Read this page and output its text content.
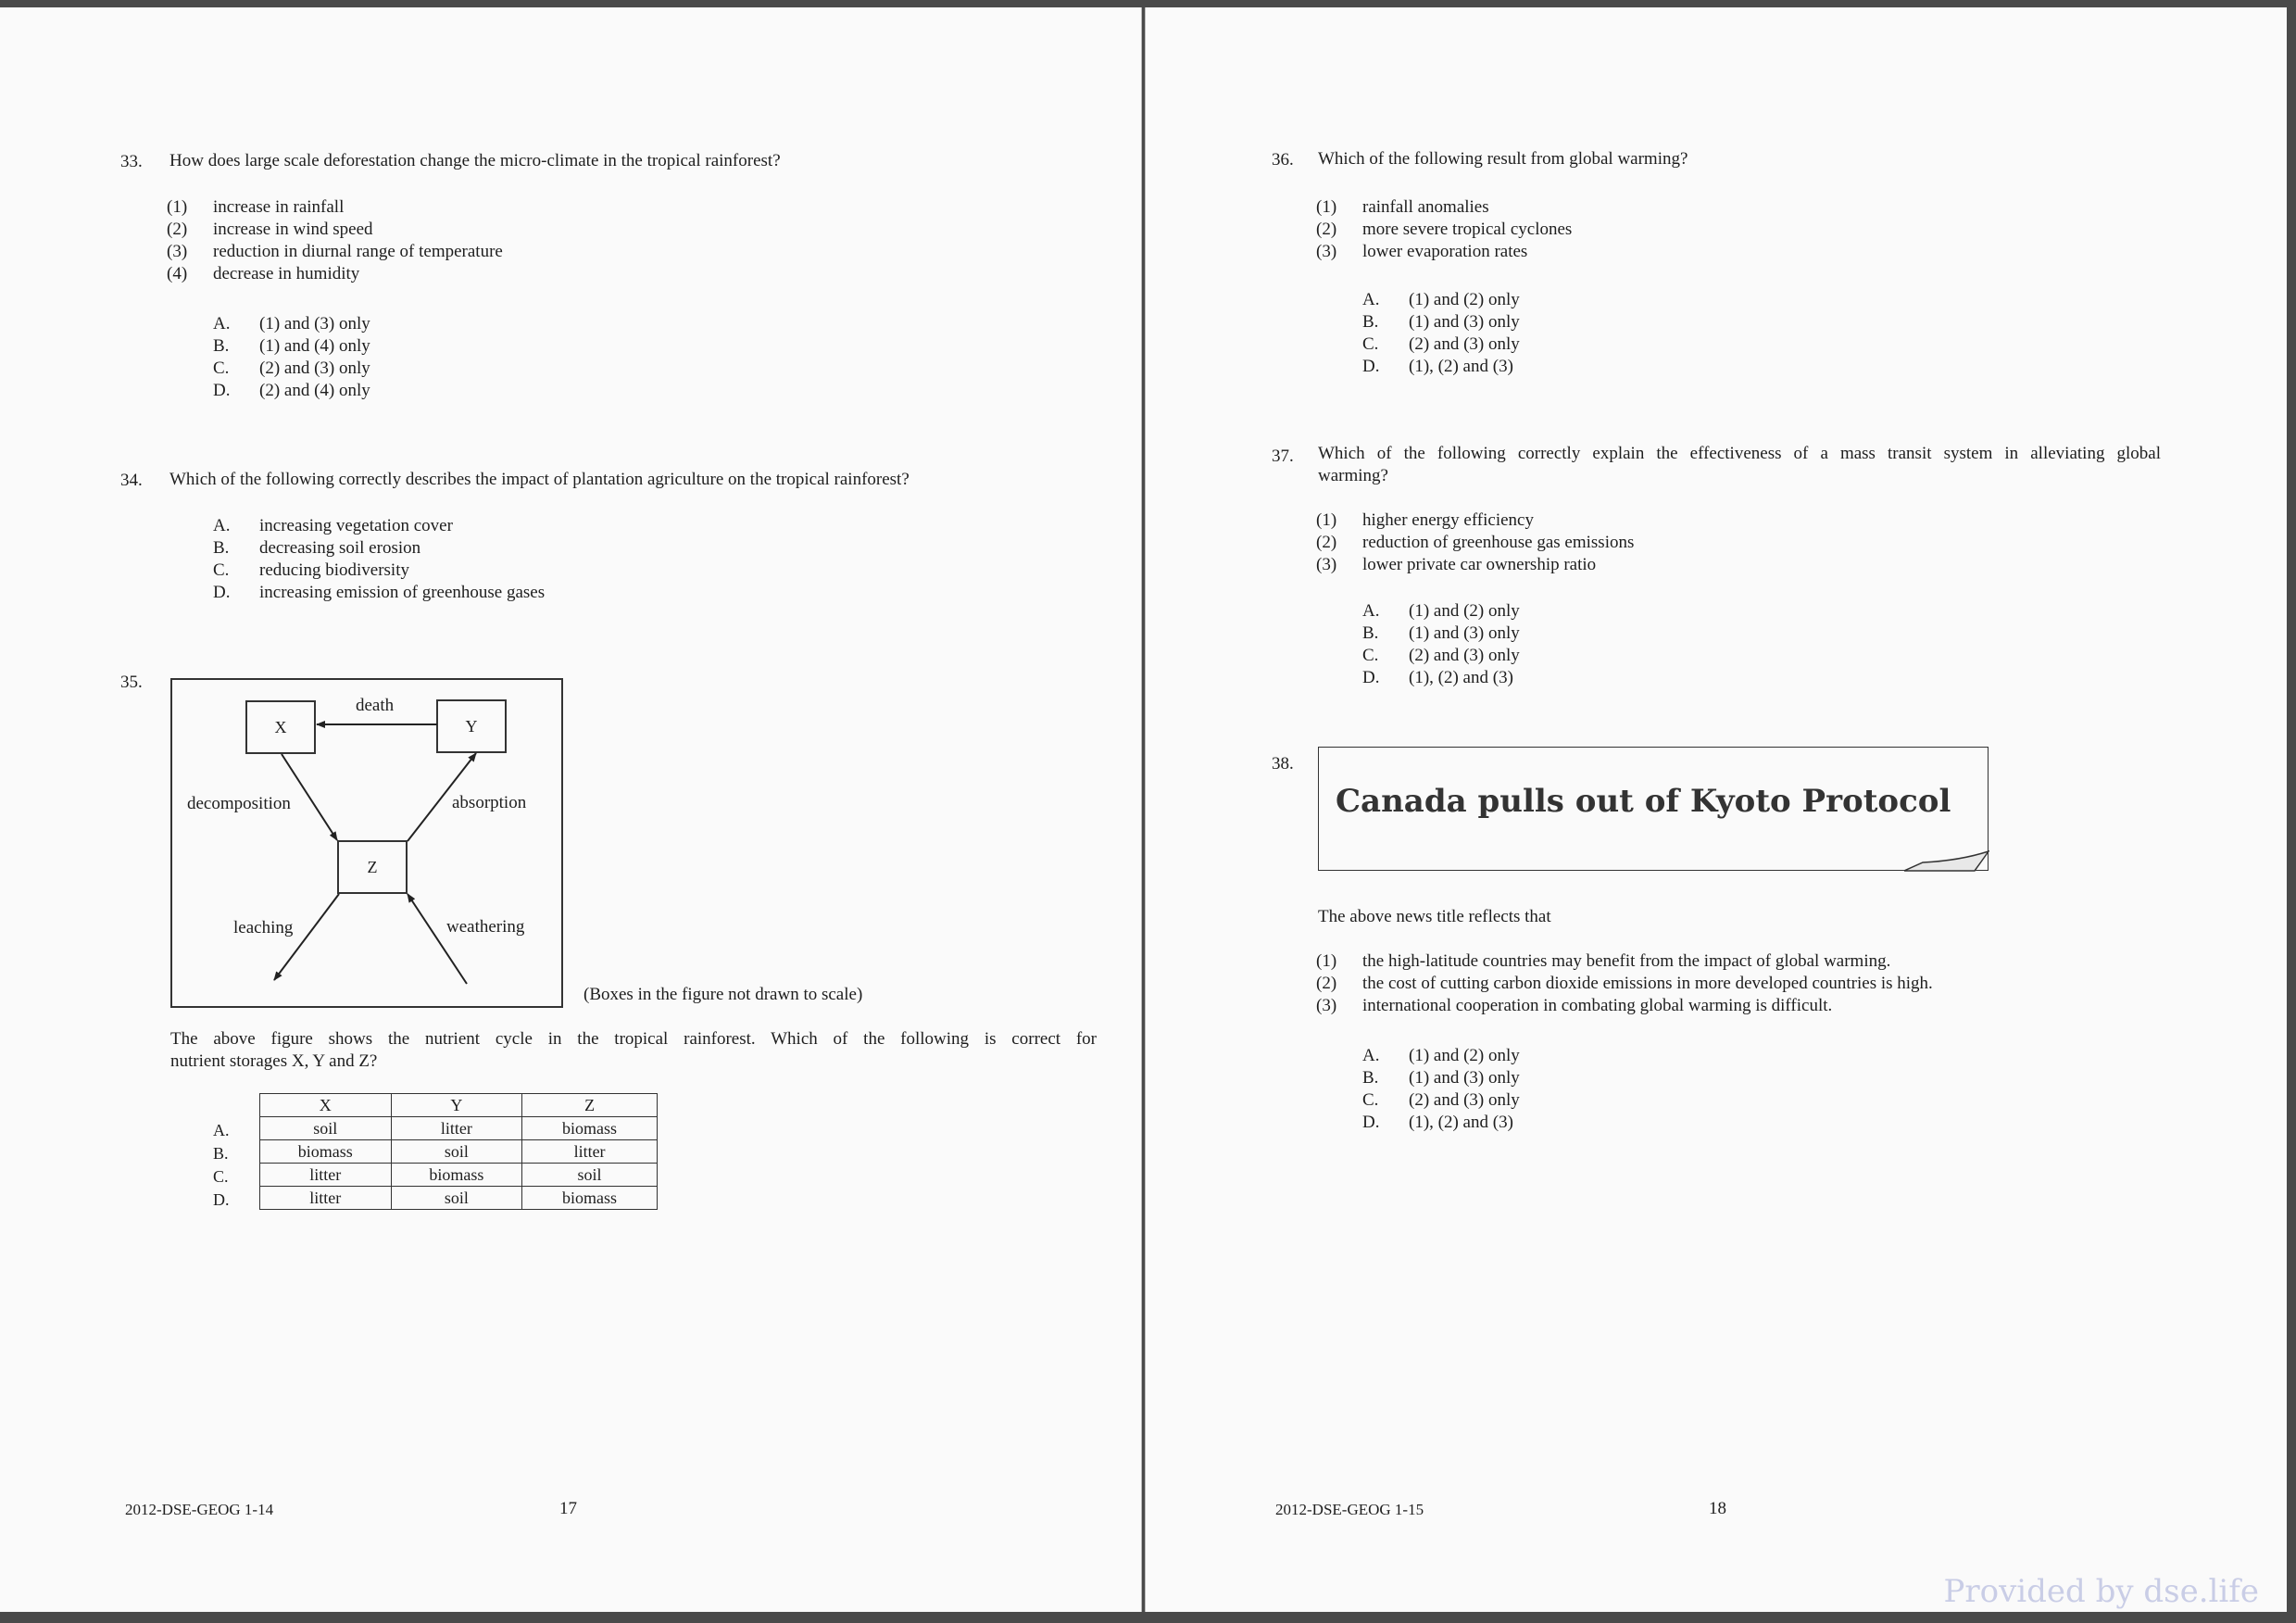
33. How does large scale deforestation change the micro-climate in the tropical rainforest?
(1)	increase in rainfall
(2)	increase in wind speed
(3)	reduction in diurnal range of temperature
(4)	decrease in humidity
A.	(1) and (3) only
B.	(1) and (4) only
C.	(2) and (3) only
D.	(2) and (4) only
34. Which of the following correctly describes the impact of plantation agriculture on the tropical rainforest?
A.	increasing vegetation cover
B.	decreasing soil erosion
C.	reducing biodiversity
D.	increasing emission of greenhouse gases
35.
X	Y
Z
death
decomposition	absorption
leaching	weathering
(Boxes in the figure not drawn to scale)
The above figure shows the nutrient cycle in the tropical rainforest. Which of the following is correct for
nutrient storages X, Y and Z?
A.
B.
C.
D.
X	Y	Z
soil	litter	biomass
biomass	soil	litter
litter	biomass	soil
litter	soil	biomass
2012-DSE-GEOG 1-14	17
36. Which of the following result from global warming?
(1)	rainfall anomalies
(2)	more severe tropical cyclones
(3)	lower evaporation rates
A.	(1) and (2) only
B.	(1) and (3) only
C.	(2) and (3) only
D.	(1), (2) and (3)
37. Which of the following correctly explain the effectiveness of a mass transit system in alleviating global
warming?
(1)	higher energy efficiency
(2)	reduction of greenhouse gas emissions
(3)	lower private car ownership ratio
A.	(1) and (2) only
B.	(1) and (3) only
C.	(2) and (3) only
D.	(1), (2) and (3)
38.
Canada pulls out of Kyoto Protocol
The above news title reflects that
(1)	the high-latitude countries may benefit from the impact of global warming.
(2)	the cost of cutting carbon dioxide emissions in more developed countries is high.
(3)	international cooperation in combating global warming is difficult.
A.	(1) and (2) only
B.	(1) and (3) only
C.	(2) and (3) only
D.	(1), (2) and (3)
2012-DSE-GEOG 1-15	18
Provided by dse.life
